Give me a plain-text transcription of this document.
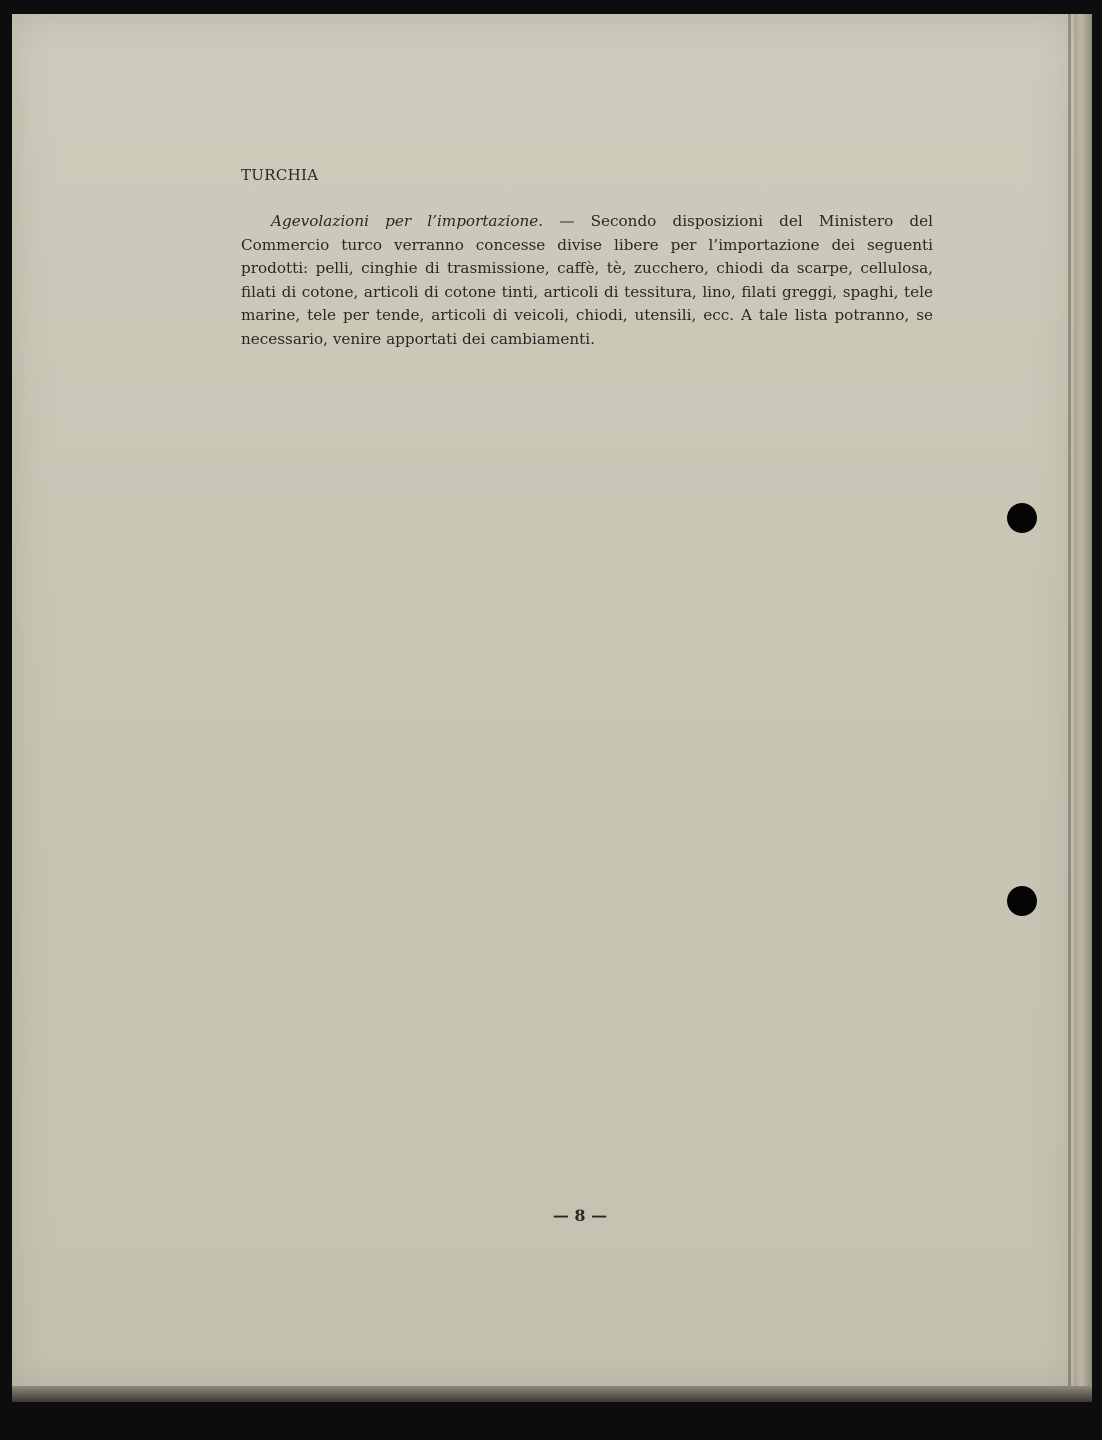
TURCHIA

Agevolazioni per l’importazione. — Secondo disposizioni del Ministero del Commercio turco verranno concesse divise libere per l’importazione dei seguenti prodotti: pelli, cinghie di trasmissione, caffè, tè, zucchero, chiodi da scarpe, cellulosa, filati di cotone, articoli di cotone tinti, articoli di tessitura, lino, filati greggi, spaghi, tele marine, tele per tende, articoli di veicoli, chiodi, utensili, ecc. A tale lista potranno, se necessario, venire apportati dei cambiamenti.

— 8 —
